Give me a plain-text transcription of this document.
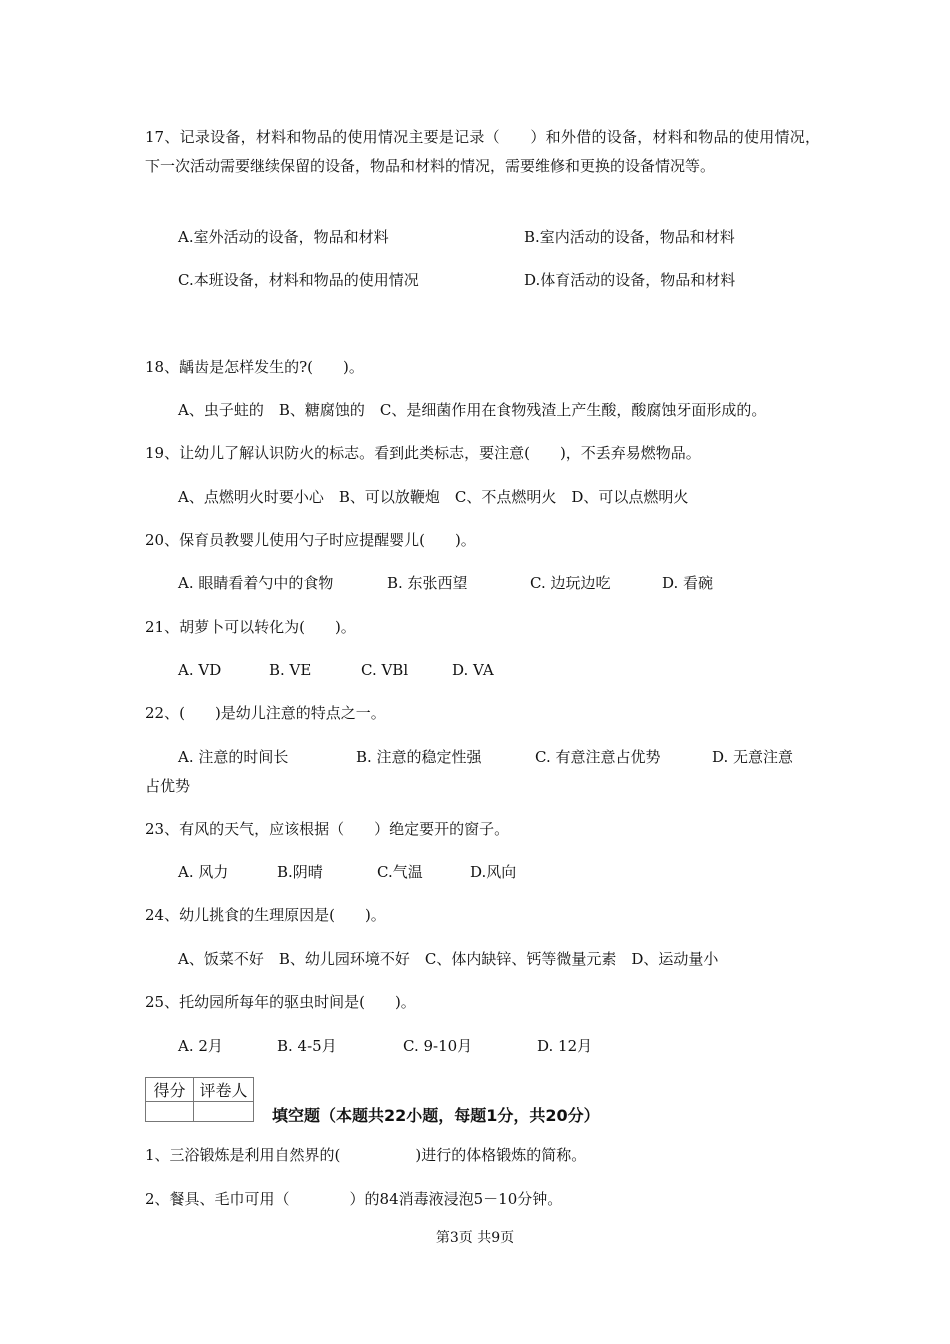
17、记录设备，材料和物品的使用情况主要是记录（　　）和外借的设备，材料和物品的使用情况，下一次活动需要继续保留的设备，物品和材料的情况，需要维修和更换的设备情况等。
A.室外活动的设备，物品和材料	B.室内活动的设备，物品和材料
C.本班设备，材料和物品的使用情况	D.体育活动的设备，物品和材料
18、龋齿是怎样发生的?(　　)。
A、虫子蛀的　B、糖腐蚀的　C、是细菌作用在食物残渣上产生酸，酸腐蚀牙面形成的。
19、让幼儿了解认识防火的标志。看到此类标志，要注意(　　)，不丢弃易燃物品。
A、点燃明火时要小心　B、可以放鞭炮　C、不点燃明火　D、可以点燃明火
20、保育员教婴儿使用勺子时应提醒婴儿(　　)。
A. 眼睛看着勺中的食物	B. 东张西望	C. 边玩边吃	D. 看碗
21、胡萝卜可以转化为(　　)。
A. VD	B. VE	C. VBl	D. VA
22、(　　)是幼儿注意的特点之一。
A. 注意的时间长	B. 注意的稳定性强	C. 有意注意占优势	D. 无意注意
占优势
23、有风的天气，应该根据（　　）绝定要开的窗子。
A. 风力	B.阴晴	C.气温	D.风向
24、幼儿挑食的生理原因是(　　)。
A、饭菜不好　B、幼儿园环境不好　C、体内缺锌、钙等微量元素　D、运动量小
25、托幼园所每年的驱虫时间是(　　)。
A. 2月	B. 4-5月	C. 9-10月	D. 12月
得分	评卷人

填空题（本题共22小题，每题1分，共20分）
1、三浴锻炼是利用自然界的(　　　　　)进行的体格锻炼的简称。
2、餐具、毛巾可用（　　　　）的84消毒液浸泡5－10分钟。
第3页 共9页
